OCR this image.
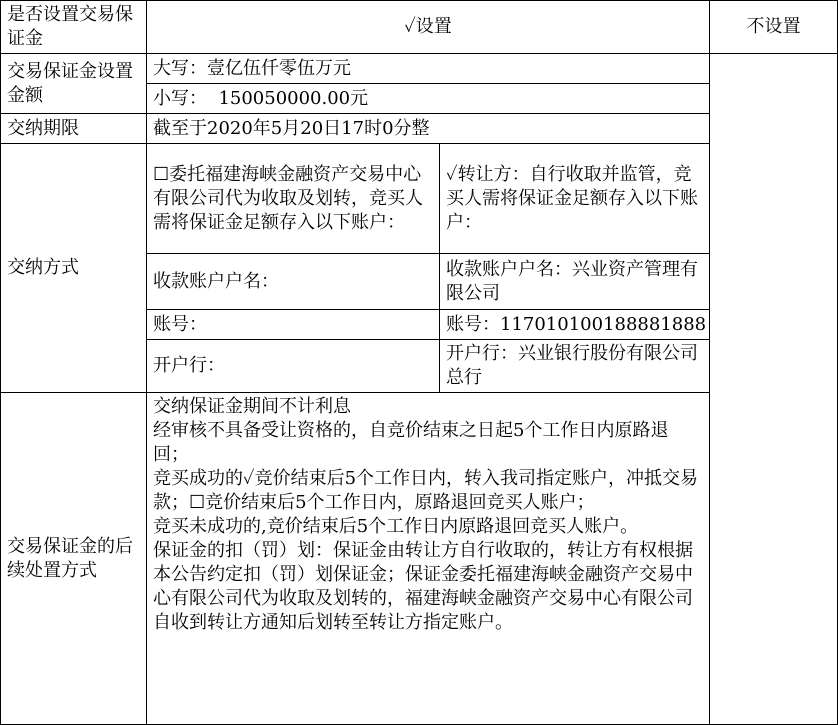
是否设置交易保证金	✓设置		不设置
交易保证金设置金额	大写：壹亿伍仟零伍万元		
	小写：  150050000.00元		
交纳期限	截至于2020年5月20日17时0分整		
交纳方式	☐委托福建海峡金融资产交易中心有限公司代为收取及划转，竞买人需将保证金足额存入以下账户：	✓转让方：自行收取并监管，竞买人需将保证金足额存入以下账户：	
	收款账户户名：	收款账户户名：兴业资产管理有限公司	
	账号：	账号：117010100188881888	
	开户行：	开户行：兴业银行股份有限公司总行	
交易保证金的后续处置方式	交纳保证金期间不计利息
经审核不具备受让资格的，自竞价结束之日起5个工作日内原路退回；
竞买成功的✓竞价结束后5个工作日内，转入我司指定账户，冲抵交易款；☐竞价结束后5个工作日内，原路退回竞买人账户；
竞买未成功的,竞价结束后5个工作日内原路退回竞买人账户。
保证金的扣（罚）划：保证金由转让方自行收取的，转让方有权根据本公告约定扣（罚）划保证金；保证金委托福建海峡金融资产交易中心有限公司代为收取及划转的，福建海峡金融资产交易中心有限公司自收到转让方通知后划转至转让方指定账户。		
